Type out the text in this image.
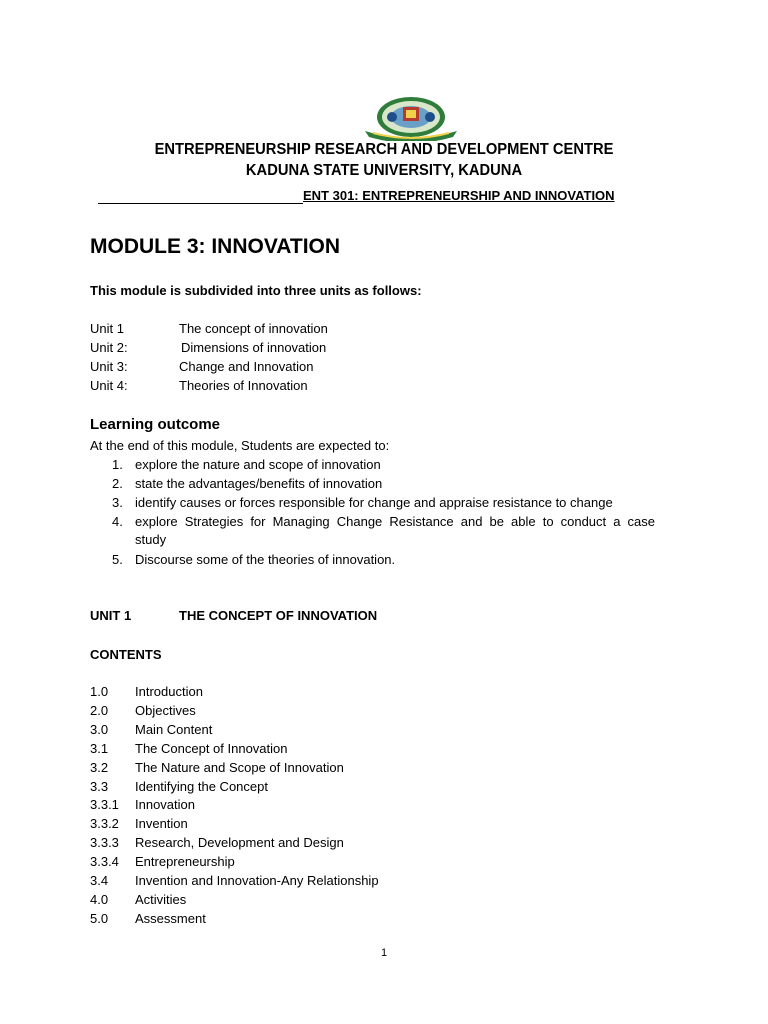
ENTREPRENEURSHIP RESEARCH AND DEVELOPMENT CENTRE
KADUNA STATE UNIVERSITY, KADUNA
ENT 301: ENTREPRENEURSHIP AND INNOVATION
MODULE 3: INNOVATION
This module is subdivided into three units as follows:
Unit 1	The concept of innovation
Unit 2:	Dimensions of innovation
Unit 3:	Change and Innovation
Unit 4:	Theories of Innovation
Learning outcome
At the end of this module, Students are expected to:
1. explore the nature and scope of innovation
2. state the advantages/benefits of innovation
3. identify causes or forces responsible for change and appraise resistance to change
4. explore Strategies for Managing Change Resistance and be able to conduct a case
study
5. Discourse some of the theories of innovation.
UNIT 1	THE CONCEPT OF INNOVATION
CONTENTS
1.0 Introduction
2.0 Objectives
3.0 Main Content
3.1 The Concept of Innovation
3.2 The Nature and Scope of Innovation
3.3 Identifying the Concept
3.3.1 Innovation
3.3.2 Invention
3.3.3 Research, Development and Design
3.3.4 Entrepreneurship
3.4 Invention and Innovation-Any Relationship
4.0 Activities
5.0 Assessment
1
